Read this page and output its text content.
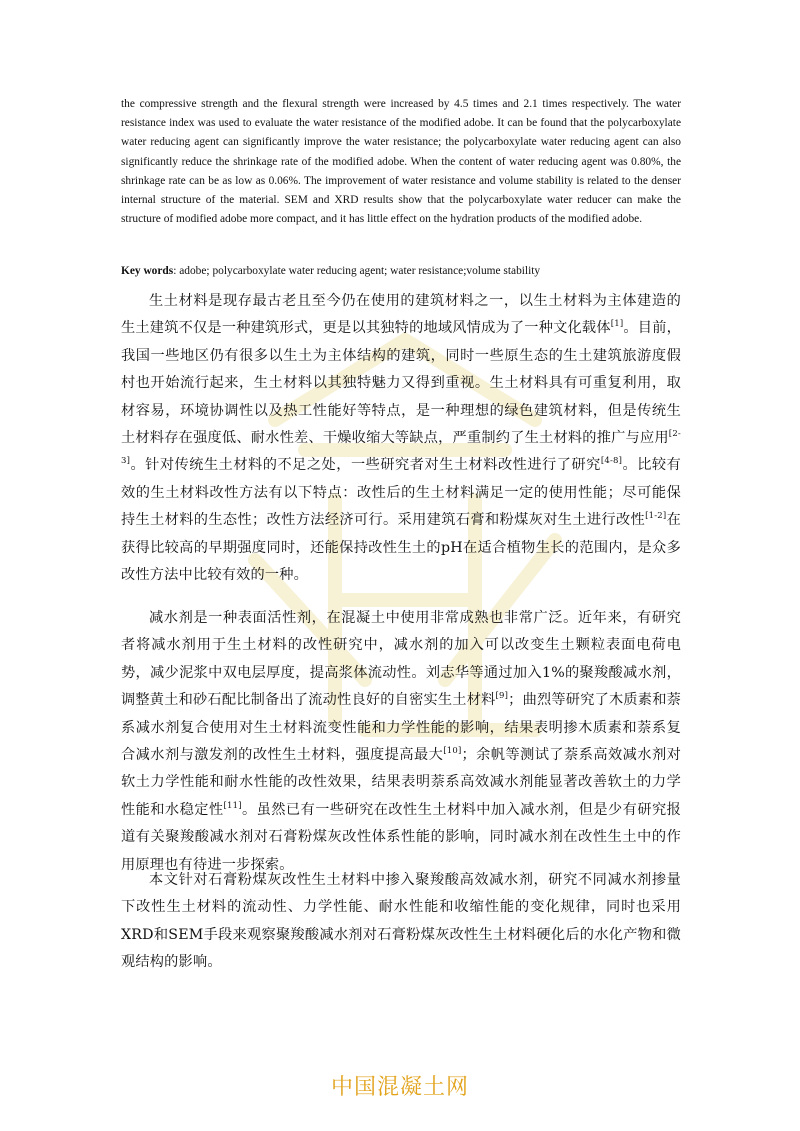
the compressive strength and the flexural strength were increased by 4.5 times and 2.1 times respectively. The water resistance index was used to evaluate the water resistance of the modified adobe. It can be found that the polycarboxylate water reducing agent can significantly improve the water resistance; the polycarboxylate water reducing agent can also significantly reduce the shrinkage rate of the modified adobe. When the content of water reducing agent was 0.80%, the shrinkage rate can be as low as 0.06%. The improvement of water resistance and volume stability is related to the denser internal structure of the material. SEM and XRD results show that the polycarboxylate water reducer can make the structure of modified adobe more compact, and it has little effect on the hydration products of the modified adobe.

Key words: adobe; polycarboxylate water reducing agent; water resistance;volume stability

生土材料是现存最古老且至今仍在使用的建筑材料之一，以生土材料为主体建造的生土建筑不仅是一种建筑形式，更是以其独特的地域风情成为了一种文化载体[1]。目前，我国一些地区仍有很多以生土为主体结构的建筑，同时一些原生态的生土建筑旅游度假村也开始流行起来，生土材料以其独特魅力又得到重视。生土材料具有可重复利用，取材容易，环境协调性以及热工性能好等特点，是一种理想的绿色建筑材料，但是传统生土材料存在强度低、耐水性差、干燥收缩大等缺点，严重制约了生土材料的推广与应用[2-3]。针对传统生土材料的不足之处，一些研究者对生土材料改性进行了研究[4-8]。比较有效的生土材料改性方法有以下特点：改性后的生土材料满足一定的使用性能；尽可能保持生土材料的生态性；改性方法经济可行。采用建筑石膏和粉煤灰对生土进行改性[1-2]在获得比较高的早期强度同时，还能保持改性生土的pH在适合植物生长的范围内，是众多改性方法中比较有效的一种。

减水剂是一种表面活性剂，在混凝土中使用非常成熟也非常广泛。近年来，有研究者将减水剂用于生土材料的改性研究中，减水剂的加入可以改变生土颗粒表面电荷电势，减少泥浆中双电层厚度，提高浆体流动性。刘志华等通过加入1%的聚羧酸减水剂，调整黄土和砂石配比制备出了流动性良好的自密实生土材料[9]；曲烈等研究了木质素和萘系减水剂复合使用对生土材料流变性能和力学性能的影响，结果表明掺木质素和萘系复合减水剂与激发剂的改性生土材料，强度提高最大[10]；余帆等测试了萘系高效减水剂对软土力学性能和耐水性能的改性效果，结果表明萘系高效减水剂能显著改善软土的力学性能和水稳定性[11]。虽然已有一些研究在改性生土材料中加入减水剂，但是少有研究报道有关聚羧酸减水剂对石膏粉煤灰改性体系性能的影响，同时减水剂在改性生土中的作用原理也有待进一步探索。

本文针对石膏粉煤灰改性生土材料中掺入聚羧酸高效减水剂，研究不同减水剂掺量下改性生土材料的流动性、力学性能、耐水性能和收缩性能的变化规律，同时也采用XRD和SEM手段来观察聚羧酸减水剂对石膏粉煤灰改性生土材料硬化后的水化产物和微观结构的影响。

中国混凝土网
